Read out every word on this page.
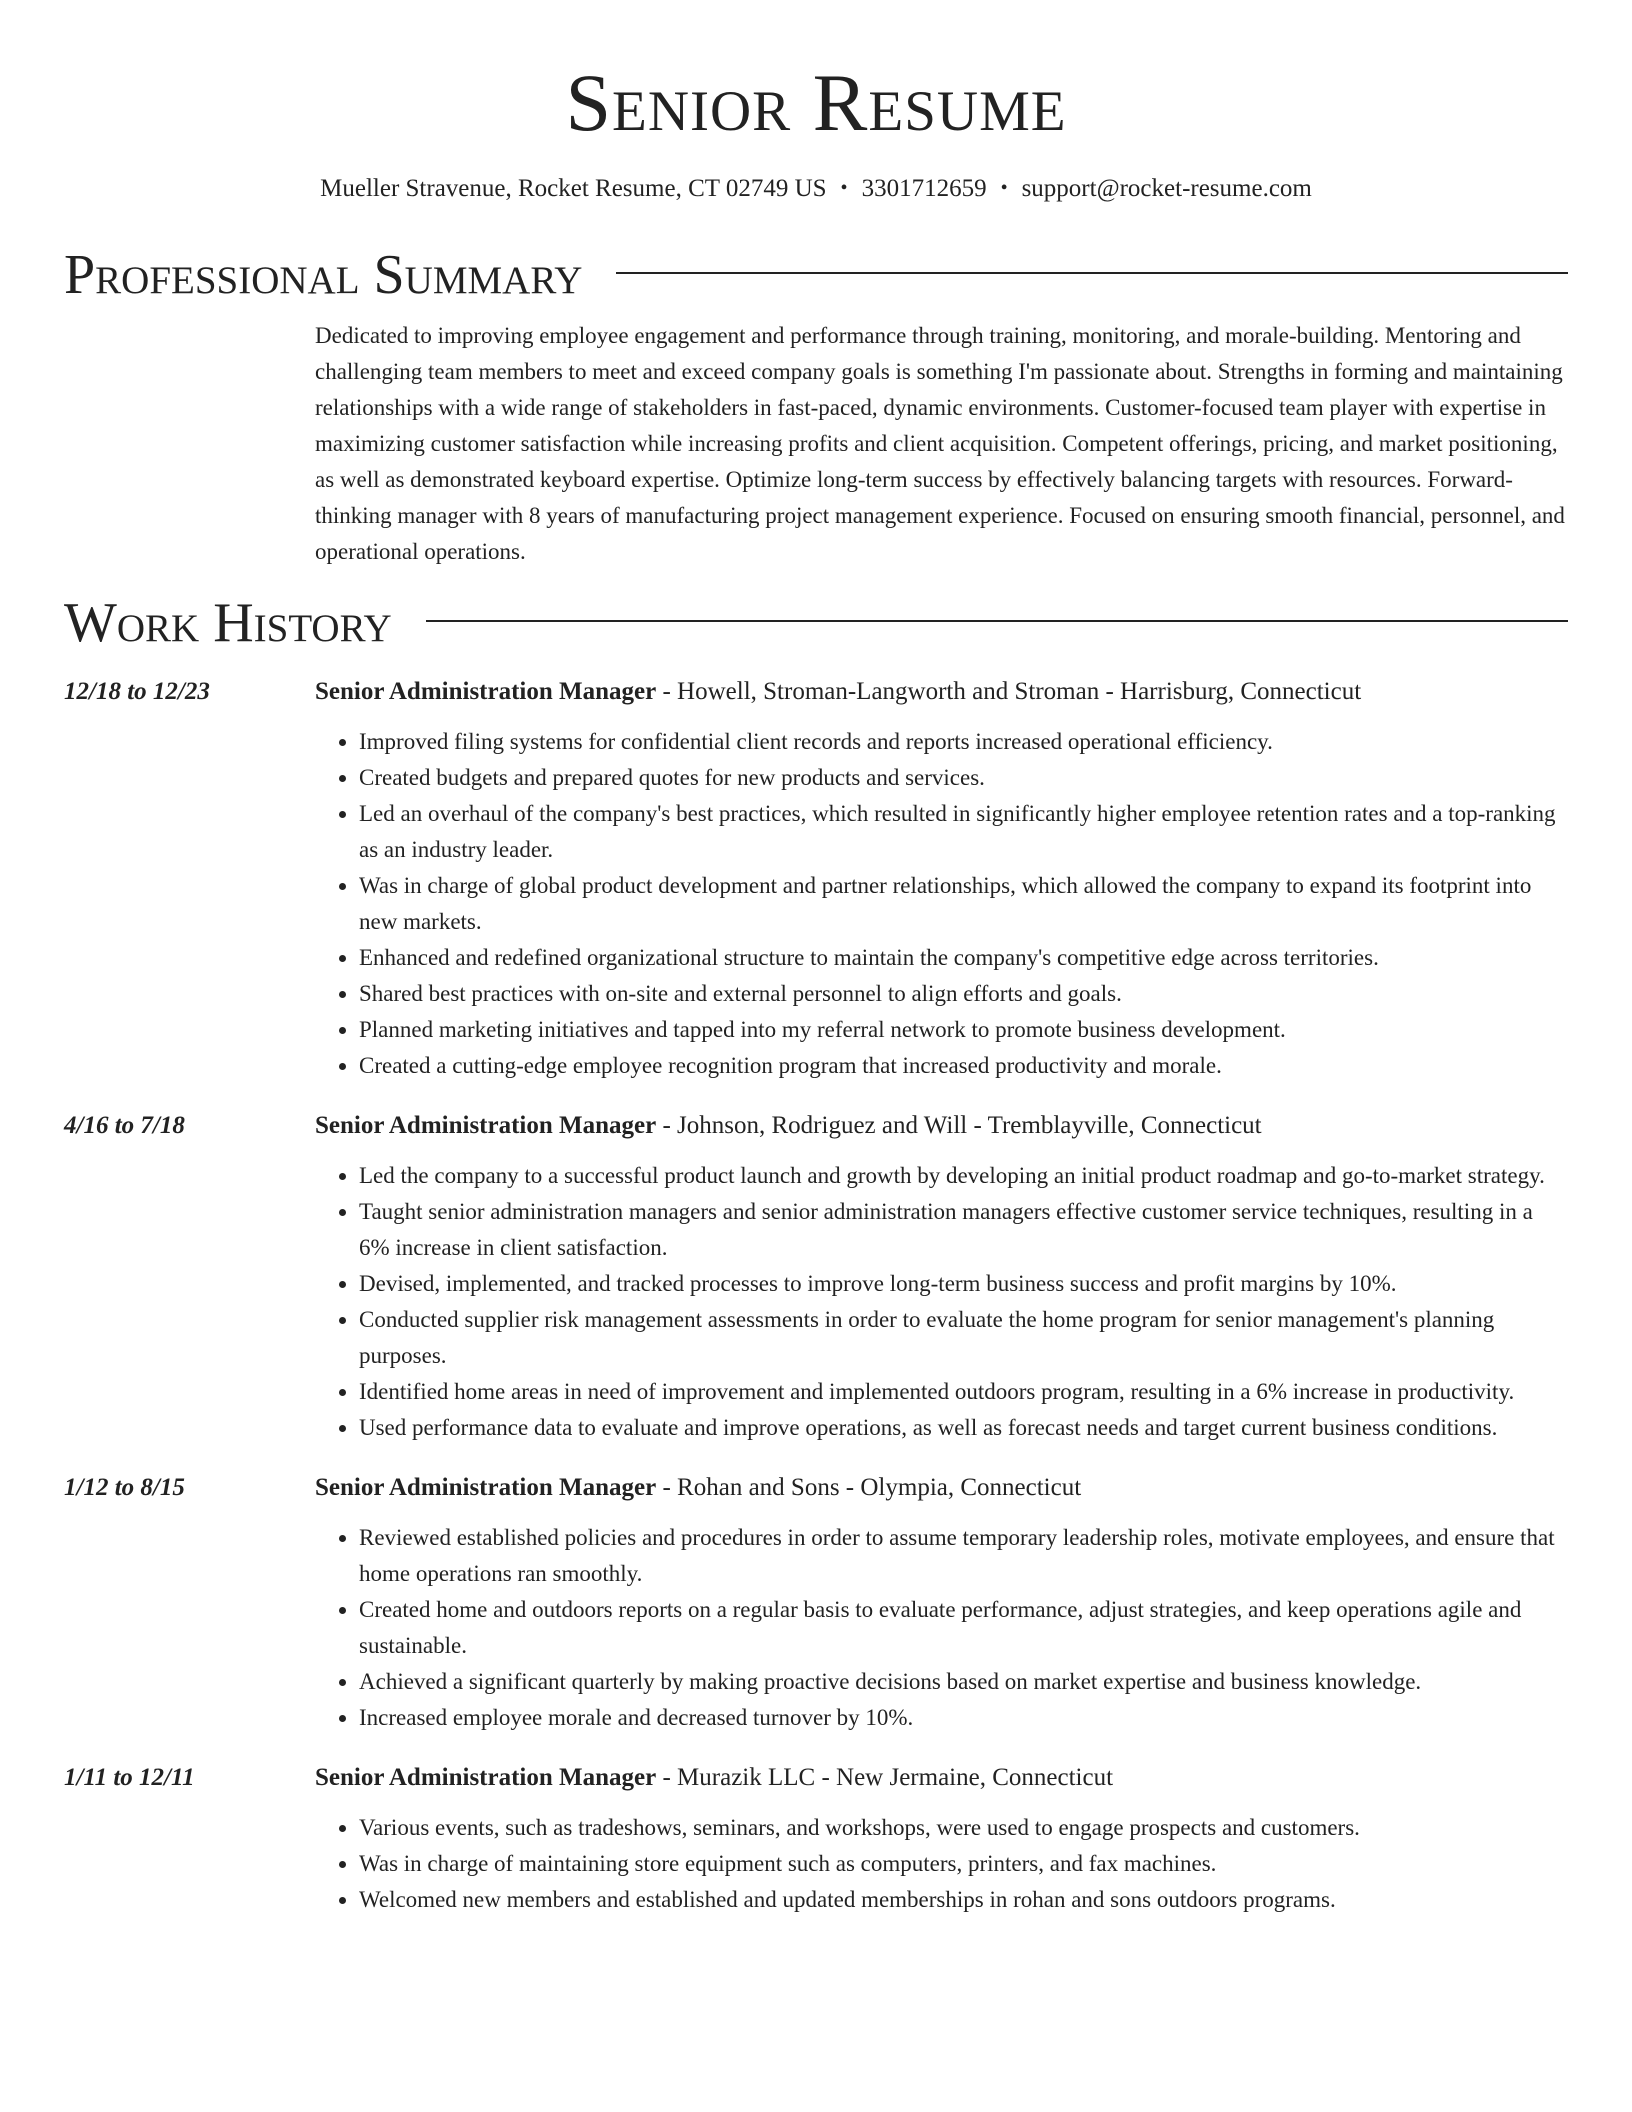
Senior Resume
Mueller Stravenue, Rocket Resume, CT 02749 US • 3301712659 • support@rocket-resume.com
Professional Summary
Dedicated to improving employee engagement and performance through training, monitoring, and morale-building. Mentoring and challenging team members to meet and exceed company goals is something I'm passionate about. Strengths in forming and maintaining relationships with a wide range of stakeholders in fast-paced, dynamic environments. Customer-focused team player with expertise in maximizing customer satisfaction while increasing profits and client acquisition. Competent offerings, pricing, and market positioning, as well as demonstrated keyboard expertise. Optimize long-term success by effectively balancing targets with resources. Forward-thinking manager with 8 years of manufacturing project management experience. Focused on ensuring smooth financial, personnel, and operational operations.
Work History
12/18 to 12/23	Senior Administration Manager - Howell, Stroman-Langworth and Stroman - Harrisburg, Connecticut
• Improved filing systems for confidential client records and reports increased operational efficiency.
• Created budgets and prepared quotes for new products and services.
• Led an overhaul of the company's best practices, which resulted in significantly higher employee retention rates and a top-ranking as an industry leader.
• Was in charge of global product development and partner relationships, which allowed the company to expand its footprint into new markets.
• Enhanced and redefined organizational structure to maintain the company's competitive edge across territories.
• Shared best practices with on-site and external personnel to align efforts and goals.
• Planned marketing initiatives and tapped into my referral network to promote business development.
• Created a cutting-edge employee recognition program that increased productivity and morale.
4/16 to 7/18	Senior Administration Manager - Johnson, Rodriguez and Will - Tremblayville, Connecticut
• Led the company to a successful product launch and growth by developing an initial product roadmap and go-to-market strategy.
• Taught senior administration managers and senior administration managers effective customer service techniques, resulting in a 6% increase in client satisfaction.
• Devised, implemented, and tracked processes to improve long-term business success and profit margins by 10%.
• Conducted supplier risk management assessments in order to evaluate the home program for senior management's planning purposes.
• Identified home areas in need of improvement and implemented outdoors program, resulting in a 6% increase in productivity.
• Used performance data to evaluate and improve operations, as well as forecast needs and target current business conditions.
1/12 to 8/15	Senior Administration Manager - Rohan and Sons - Olympia, Connecticut
• Reviewed established policies and procedures in order to assume temporary leadership roles, motivate employees, and ensure that home operations ran smoothly.
• Created home and outdoors reports on a regular basis to evaluate performance, adjust strategies, and keep operations agile and sustainable.
• Achieved a significant quarterly by making proactive decisions based on market expertise and business knowledge.
• Increased employee morale and decreased turnover by 10%.
1/11 to 12/11	Senior Administration Manager - Murazik LLC - New Jermaine, Connecticut
• Various events, such as tradeshows, seminars, and workshops, were used to engage prospects and customers.
• Was in charge of maintaining store equipment such as computers, printers, and fax machines.
• Welcomed new members and established and updated memberships in rohan and sons outdoors programs.
